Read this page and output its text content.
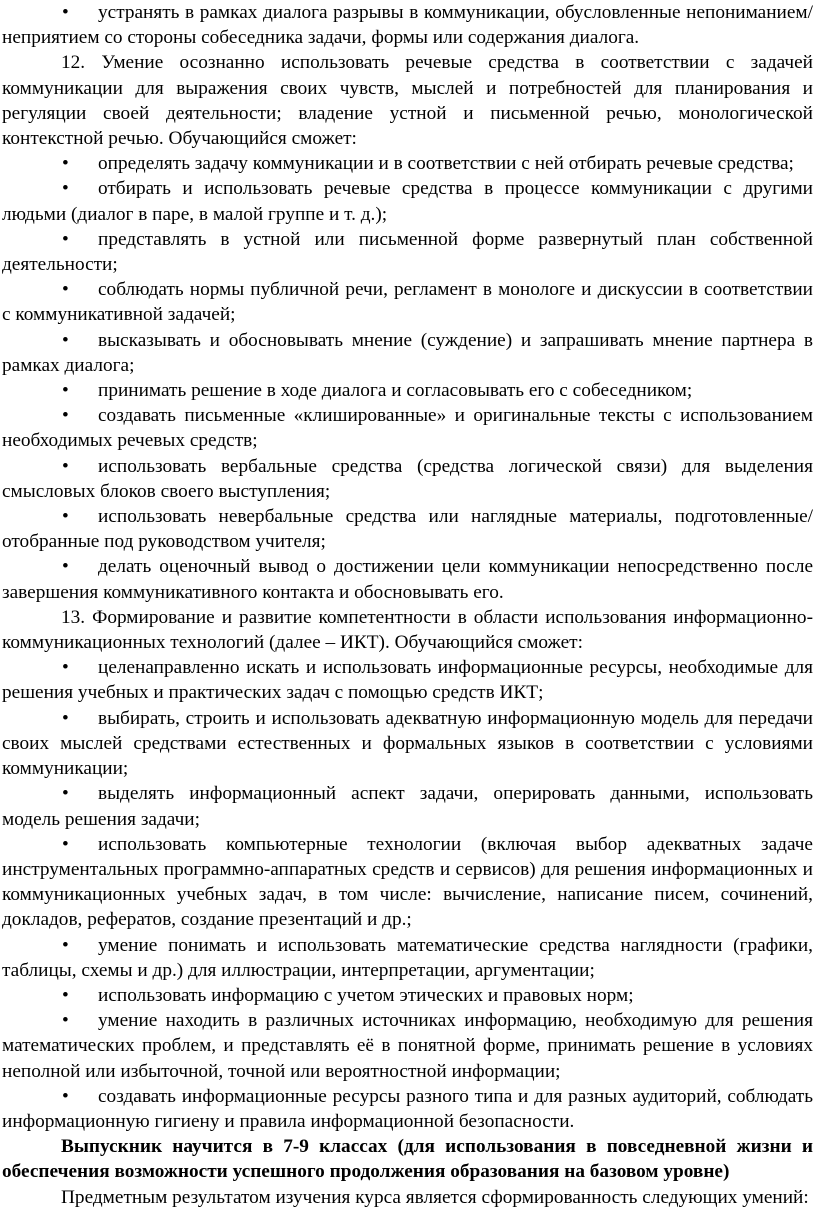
• устранять в рамках диалога разрывы в коммуникации, обусловленные непониманием/неприятием со стороны собеседника задачи, формы или содержания диалога.

12. Умение осознанно использовать речевые средства в соответствии с задачей коммуникации для выражения своих чувств, мыслей и потребностей для планирования и регуляции своей деятельности; владение устной и письменной речью, монологической контекстной речью. Обучающийся сможет:

• определять задачу коммуникации и в соответствии с ней отбирать речевые средства;

• отбирать и использовать речевые средства в процессе коммуникации с другими людьми (диалог в паре, в малой группе и т. д.);

• представлять в устной или письменной форме развернутый план собственной деятельности;

• соблюдать нормы публичной речи, регламент в монологе и дискуссии в соответствии с коммуникативной задачей;

• высказывать и обосновывать мнение (суждение) и запрашивать мнение партнера в рамках диалога;

• принимать решение в ходе диалога и согласовывать его с собеседником;

• создавать письменные «клишированные» и оригинальные тексты с использованием необходимых речевых средств;

• использовать вербальные средства (средства логической связи) для выделения смысловых блоков своего выступления;

• использовать невербальные средства или наглядные материалы, подготовленные/отобранные под руководством учителя;

• делать оценочный вывод о достижении цели коммуникации непосредственно после завершения коммуникативного контакта и обосновывать его.

13. Формирование и развитие компетентности в области использования информационно-коммуникационных технологий (далее – ИКТ). Обучающийся сможет:

• целенаправленно искать и использовать информационные ресурсы, необходимые для решения учебных и практических задач с помощью средств ИКТ;

• выбирать, строить и использовать адекватную информационную модель для передачи своих мыслей средствами естественных и формальных языков в соответствии с условиями коммуникации;

• выделять информационный аспект задачи, оперировать данными, использовать модель решения задачи;

• использовать компьютерные технологии (включая выбор адекватных задаче инструментальных программно-аппаратных средств и сервисов) для решения информационных и коммуникационных учебных задач, в том числе: вычисление, написание писем, сочинений, докладов, рефератов, создание презентаций и др.;

• умение понимать и использовать математические средства наглядности (графики, таблицы, схемы и др.) для иллюстрации, интерпретации, аргументации;

• использовать информацию с учетом этических и правовых норм;

• умение находить в различных источниках информацию, необходимую для решения математических проблем, и представлять её в понятной форме, принимать решение в условиях неполной или избыточной, точной или вероятностной информации;

• создавать информационные ресурсы разного типа и для разных аудиторий, соблюдать информационную гигиену и правила информационной безопасности.

Выпускник научится в 7-9 классах (для использования в повседневной жизни и обеспечения возможности успешного продолжения образования на базовом уровне)

Предметным результатом изучения курса является сформированность следующих умений:
